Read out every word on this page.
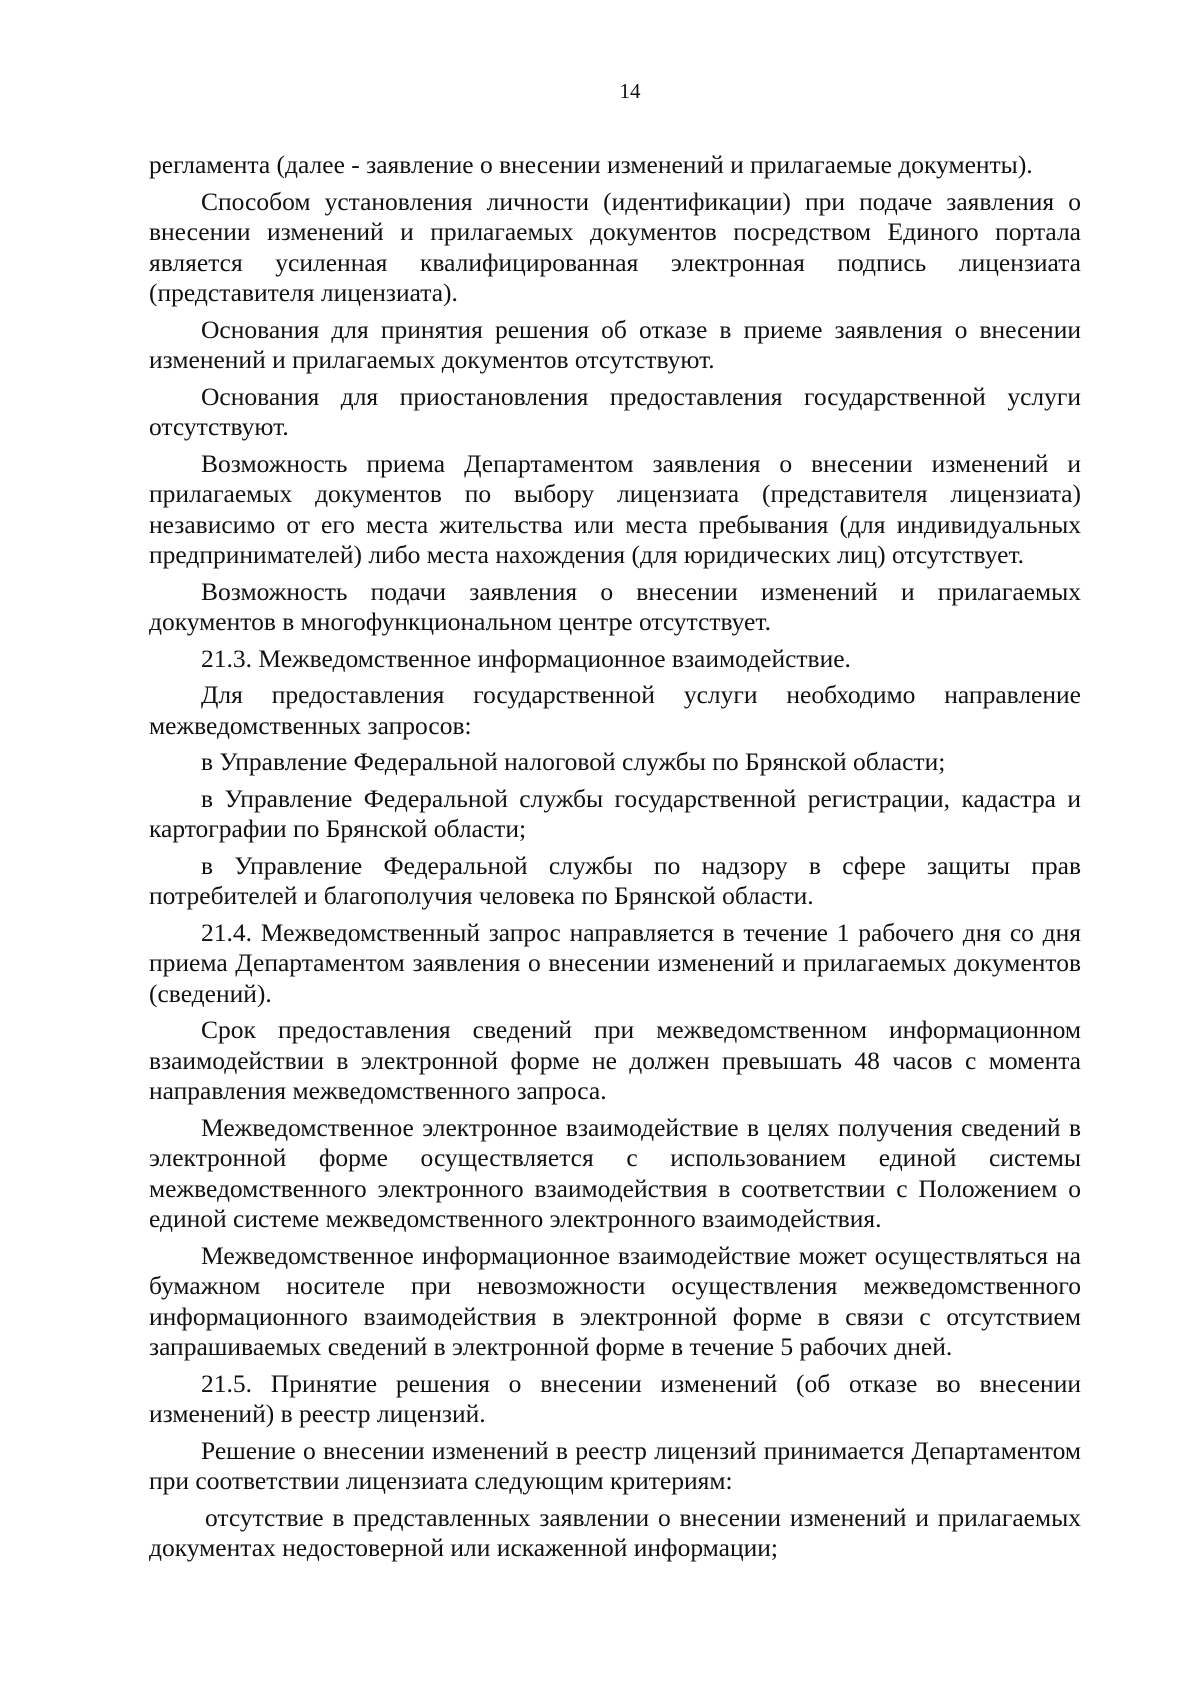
14

регламента (далее - заявление о внесении изменений и прилагаемые документы).

Способом установления личности (идентификации) при подаче заявления о внесении изменений и прилагаемых документов посредством Единого портала является усиленная квалифицированная электронная подпись лицензиата (представителя лицензиата).

Основания для принятия решения об отказе в приеме заявления о внесении изменений и прилагаемых документов отсутствуют.

Основания для приостановления предоставления государственной услуги отсутствуют.

Возможность приема Департаментом заявления о внесении изменений и прилагаемых документов по выбору лицензиата (представителя лицензиата) независимо от его места жительства или места пребывания (для индивидуальных предпринимателей) либо места нахождения (для юридических лиц) отсутствует.

Возможность подачи заявления о внесении изменений и прилагаемых документов в многофункциональном центре отсутствует.

21.3. Межведомственное информационное взаимодействие.

Для предоставления государственной услуги необходимо направление межведомственных запросов:

в Управление Федеральной налоговой службы по Брянской области;

в Управление Федеральной службы государственной регистрации, кадастра и картографии по Брянской области;

в Управление Федеральной службы по надзору в сфере защиты прав потребителей и благополучия человека по Брянской области.

21.4. Межведомственный запрос направляется в течение 1 рабочего дня со дня приема Департаментом заявления о внесении изменений и прилагаемых документов (сведений).

Срок предоставления сведений при межведомственном информационном взаимодействии в электронной форме не должен превышать 48 часов с момента направления межведомственного запроса.

Межведомственное электронное взаимодействие в целях получения сведений в электронной форме осуществляется с использованием единой системы межведомственного электронного взаимодействия в соответствии с Положением о единой системе межведомственного электронного взаимодействия.

Межведомственное информационное взаимодействие может осуществляться на бумажном носителе при невозможности осуществления межведомственного информационного взаимодействия в электронной форме в связи с отсутствием запрашиваемых сведений в электронной форме в течение 5 рабочих дней.

21.5. Принятие решения о внесении изменений (об отказе во внесении изменений) в реестр лицензий.

Решение о внесении изменений в реестр лицензий принимается Департаментом при соответствии лицензиата следующим критериям:

отсутствие в представленных заявлении о внесении изменений и прилагаемых документах недостоверной или искаженной информации;
